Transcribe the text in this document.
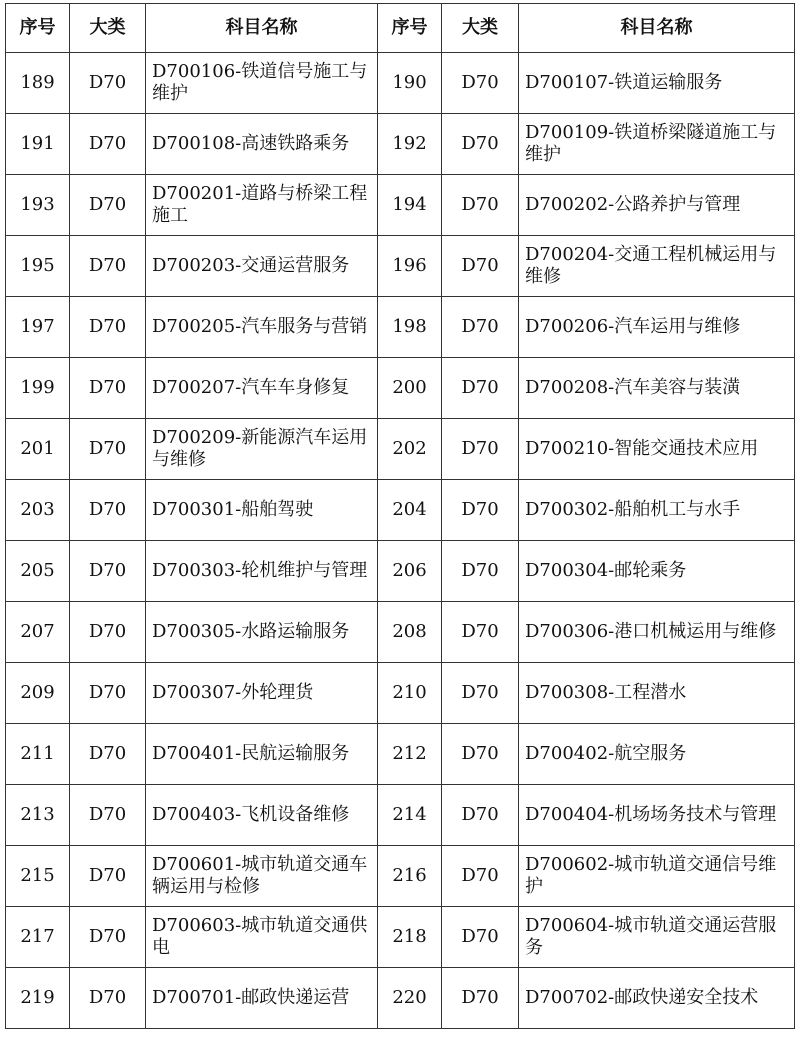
序号	大类	科目名称	序号	大类	科目名称
189	D70	D700106-铁道信号施工与维护	190	D70	D700107-铁道运输服务
191	D70	D700108-高速铁路乘务	192	D70	D700109-铁道桥梁隧道施工与维护
193	D70	D700201-道路与桥梁工程施工	194	D70	D700202-公路养护与管理
195	D70	D700203-交通运营服务	196	D70	D700204-交通工程机械运用与维修
197	D70	D700205-汽车服务与营销	198	D70	D700206-汽车运用与维修
199	D70	D700207-汽车车身修复	200	D70	D700208-汽车美容与装潢
201	D70	D700209-新能源汽车运用与维修	202	D70	D700210-智能交通技术应用
203	D70	D700301-船舶驾驶	204	D70	D700302-船舶机工与水手
205	D70	D700303-轮机维护与管理	206	D70	D700304-邮轮乘务
207	D70	D700305-水路运输服务	208	D70	D700306-港口机械运用与维修
209	D70	D700307-外轮理货	210	D70	D700308-工程潜水
211	D70	D700401-民航运输服务	212	D70	D700402-航空服务
213	D70	D700403-飞机设备维修	214	D70	D700404-机场场务技术与管理
215	D70	D700601-城市轨道交通车辆运用与检修	216	D70	D700602-城市轨道交通信号维护
217	D70	D700603-城市轨道交通供电	218	D70	D700604-城市轨道交通运营服务
219	D70	D700701-邮政快递运营	220	D70	D700702-邮政快递安全技术
